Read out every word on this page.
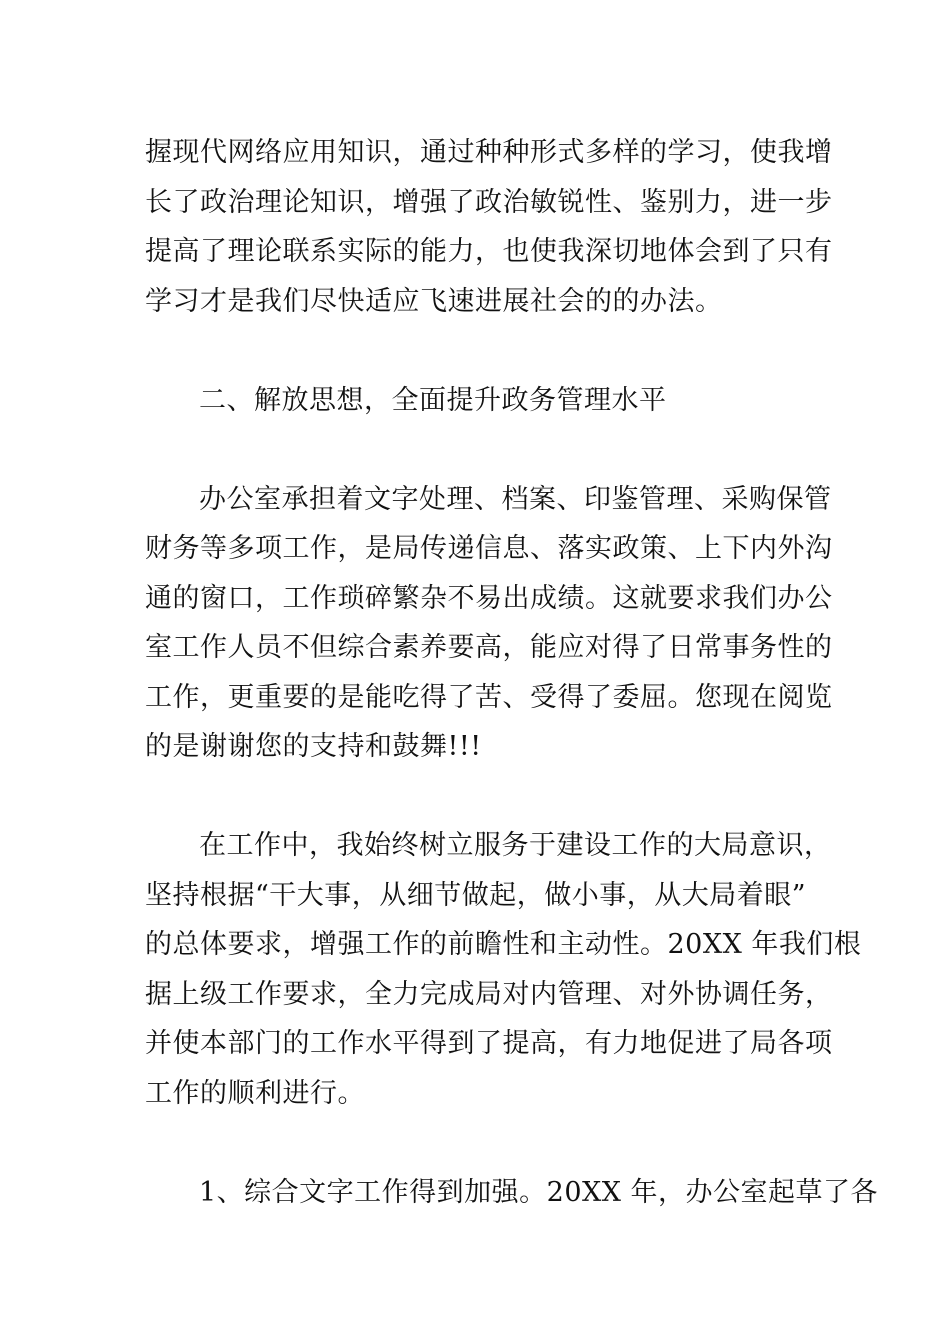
握现代网络应用知识，通过种种形式多样的学习，使我增
长了政治理论知识，增强了政治敏锐性、鉴别力，进一步
提高了理论联系实际的能力，也使我深切地体会到了只有
学习才是我们尽快适应飞速进展社会的的办法。

二、解放思想，全面提升政务管理水平

办公室承担着文字处理、档案、印鉴管理、采购保管
财务等多项工作，是局传递信息、落实政策、上下内外沟
通的窗口，工作琐碎繁杂不易出成绩。这就要求我们办公
室工作人员不但综合素养要高，能应对得了日常事务性的
工作，更重要的是能吃得了苦、受得了委屈。您现在阅览
的是谢谢您的支持和鼓舞!!!

在工作中，我始终树立服务于建设工作的大局意识，
坚持根据“干大事，从细节做起，做小事，从大局着眼”
的总体要求，增强工作的前瞻性和主动性。20XX 年我们根
据上级工作要求，全力完成局对内管理、对外协调任务，
并使本部门的工作水平得到了提高，有力地促进了局各项
工作的顺利进行。

1、综合文字工作得到加强。20XX 年，办公室起草了各
